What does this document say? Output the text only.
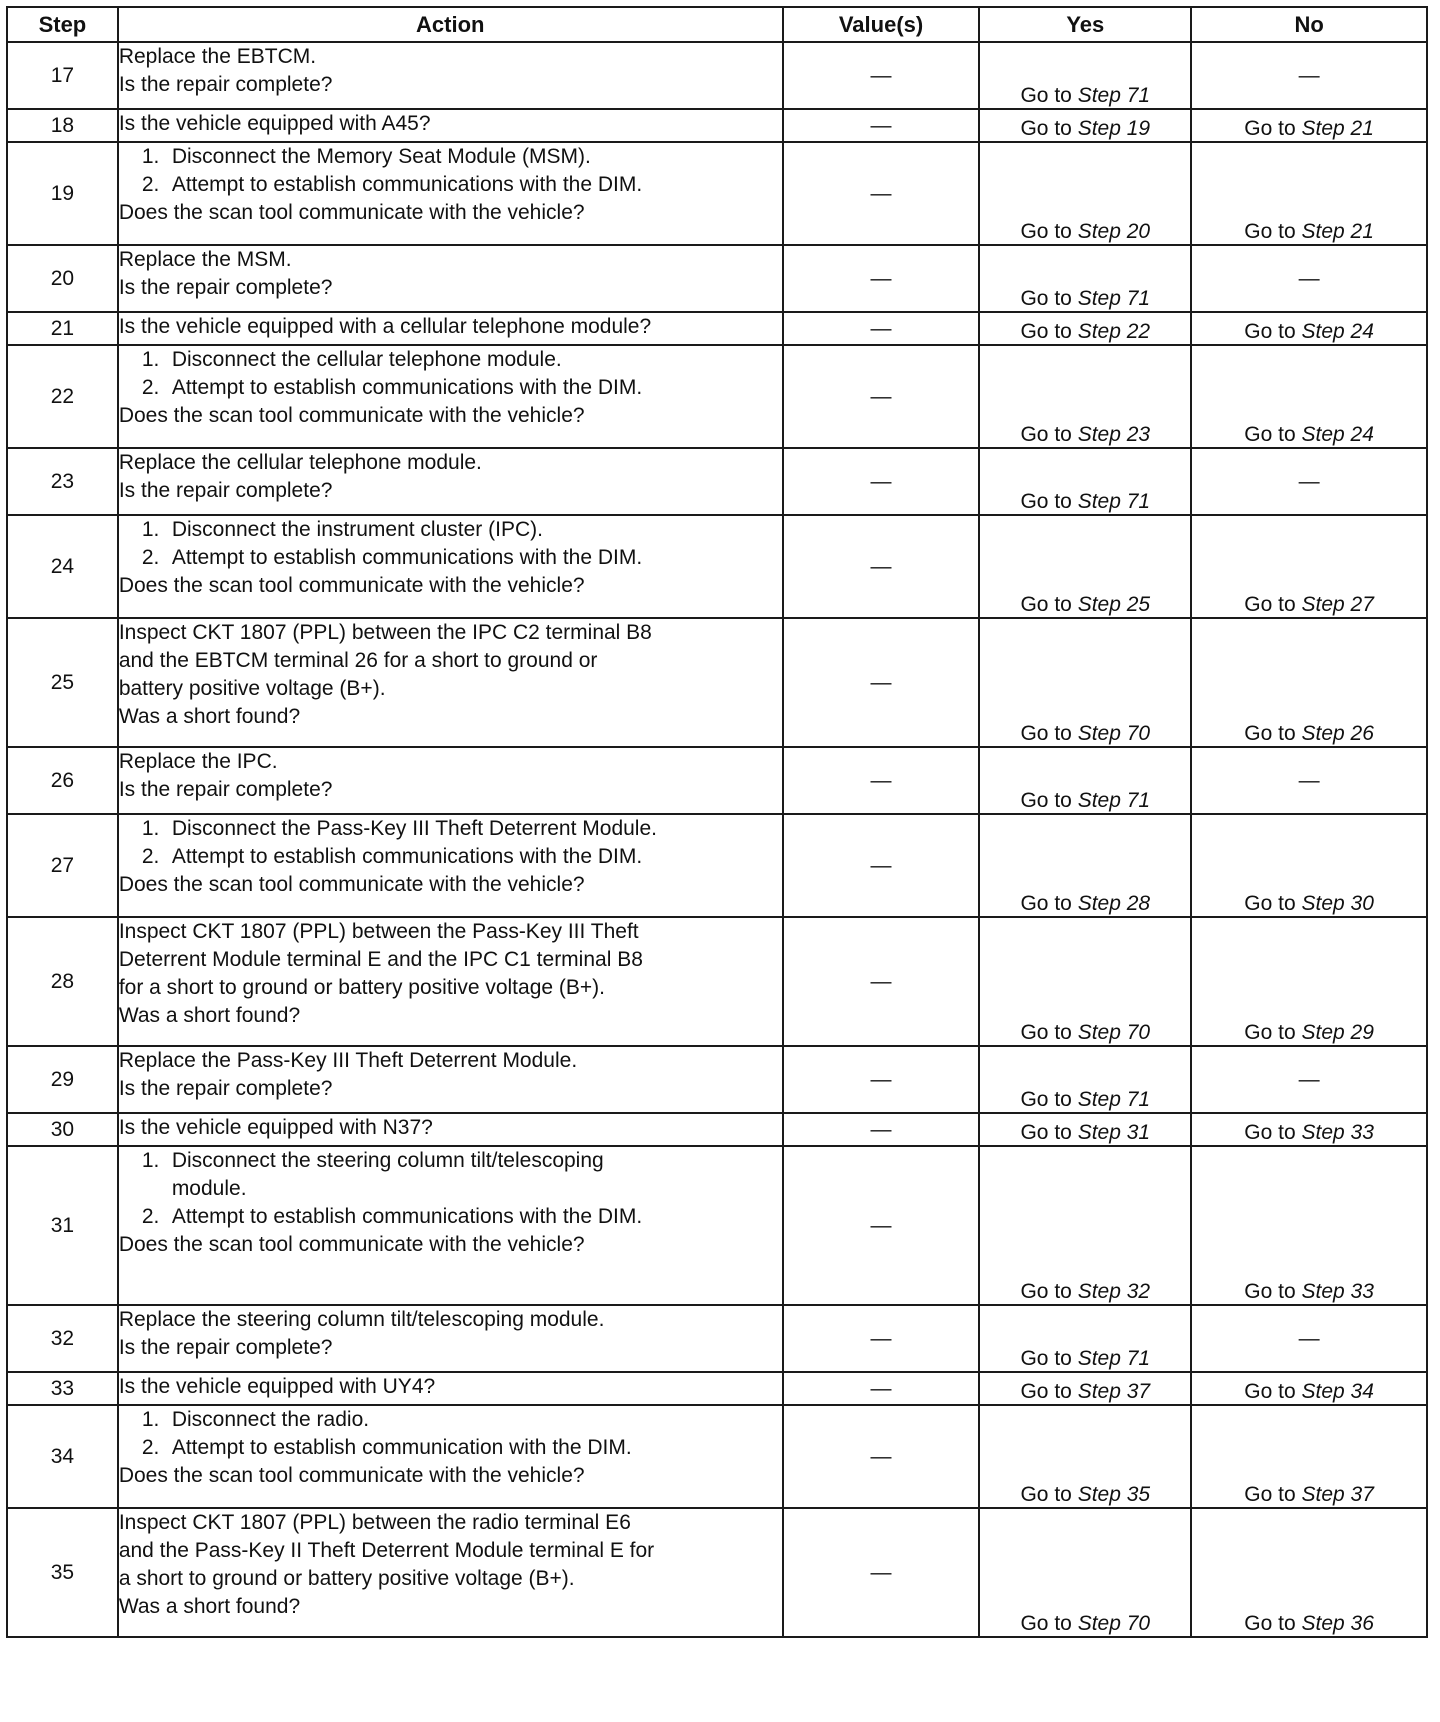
Step	Action	Value(s)	Yes	No
17	Replace the EBTCM.
Is the repair complete?	—	Go to Step 71	—
18	Is the vehicle equipped with A45?	—	Go to Step 19	Go to Step 21
19	1. Disconnect the Memory Seat Module (MSM).
2. Attempt to establish communications with the DIM.
Does the scan tool communicate with the vehicle?	—	Go to Step 20	Go to Step 21
20	Replace the MSM.
Is the repair complete?	—	Go to Step 71	—
21	Is the vehicle equipped with a cellular telephone module?	—	Go to Step 22	Go to Step 24
22	1. Disconnect the cellular telephone module.
2. Attempt to establish communications with the DIM.
Does the scan tool communicate with the vehicle?	—	Go to Step 23	Go to Step 24
23	Replace the cellular telephone module.
Is the repair complete?	—	Go to Step 71	—
24	1. Disconnect the instrument cluster (IPC).
2. Attempt to establish communications with the DIM.
Does the scan tool communicate with the vehicle?	—	Go to Step 25	Go to Step 27
25	Inspect CKT 1807 (PPL) between the IPC C2 terminal B8
and the EBTCM terminal 26 for a short to ground or
battery positive voltage (B+).
Was a short found?	—	Go to Step 70	Go to Step 26
26	Replace the IPC.
Is the repair complete?	—	Go to Step 71	—
27	1. Disconnect the Pass-Key III Theft Deterrent Module.
2. Attempt to establish communications with the DIM.
Does the scan tool communicate with the vehicle?	—	Go to Step 28	Go to Step 30
28	Inspect CKT 1807 (PPL) between the Pass-Key III Theft
Deterrent Module terminal E and the IPC C1 terminal B8
for a short to ground or battery positive voltage (B+).
Was a short found?	—	Go to Step 70	Go to Step 29
29	Replace the Pass-Key III Theft Deterrent Module.
Is the repair complete?	—	Go to Step 71	—
30	Is the vehicle equipped with N37?	—	Go to Step 31	Go to Step 33
31	1. Disconnect the steering column tilt/telescoping
module.
2. Attempt to establish communications with the DIM.
Does the scan tool communicate with the vehicle?	—	Go to Step 32	Go to Step 33
32	Replace the steering column tilt/telescoping module.
Is the repair complete?	—	Go to Step 71	—
33	Is the vehicle equipped with UY4?	—	Go to Step 37	Go to Step 34
34	1. Disconnect the radio.
2. Attempt to establish communication with the DIM.
Does the scan tool communicate with the vehicle?	—	Go to Step 35	Go to Step 37
35	Inspect CKT 1807 (PPL) between the radio terminal E6
and the Pass-Key II Theft Deterrent Module terminal E for
a short to ground or battery positive voltage (B+).
Was a short found?	—	Go to Step 70	Go to Step 36
